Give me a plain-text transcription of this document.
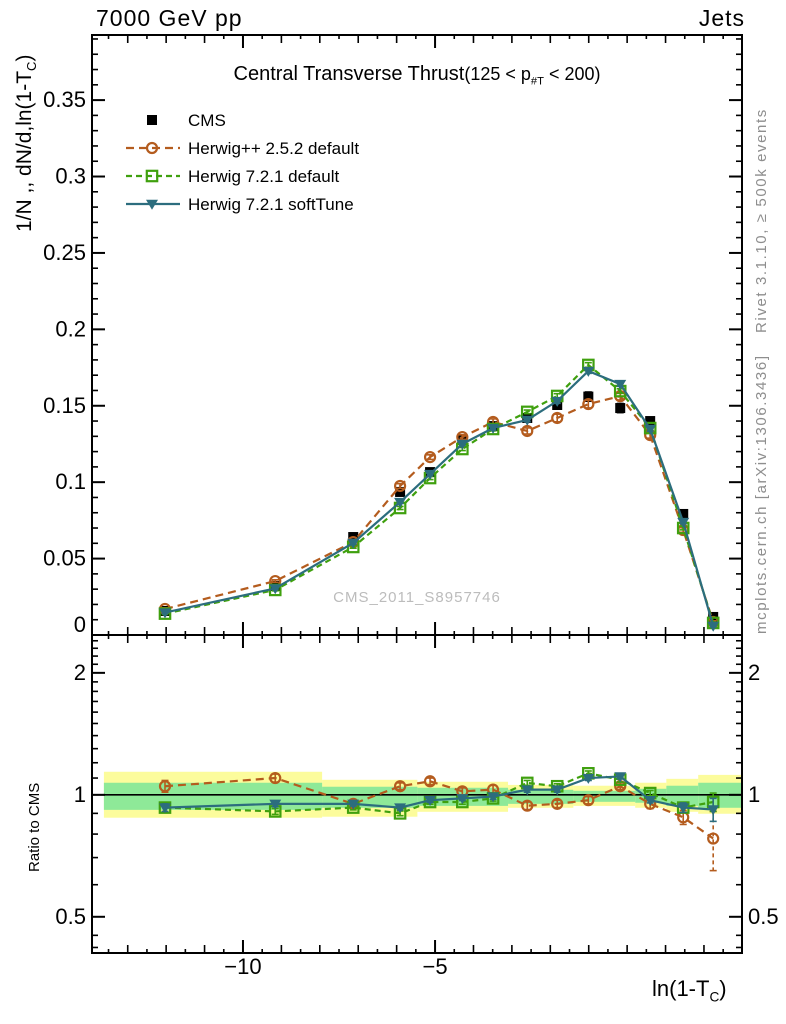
0
0.05
0.1
0.15
0.2
0.25
0.3
0.35
0.5	0.5
1	1
2	2
−10	−5
CMS
Herwig++ 2.5.2 default
Herwig 7.2.1 default
Herwig 7.2.1 softTune
7000 GeV pp	Jets
Central Transverse Thrust(125 < $p_{\#T} < 200$)
CMS_2011_S8957746
Rivet 3.1.10, ≥ 500k events
mcplots.cern.ch [arXiv:1306.3436]
1/N ,, $dN/d,\ln(1-T_C)$
Ratio to CMS
$\ln(1-T_C)$
